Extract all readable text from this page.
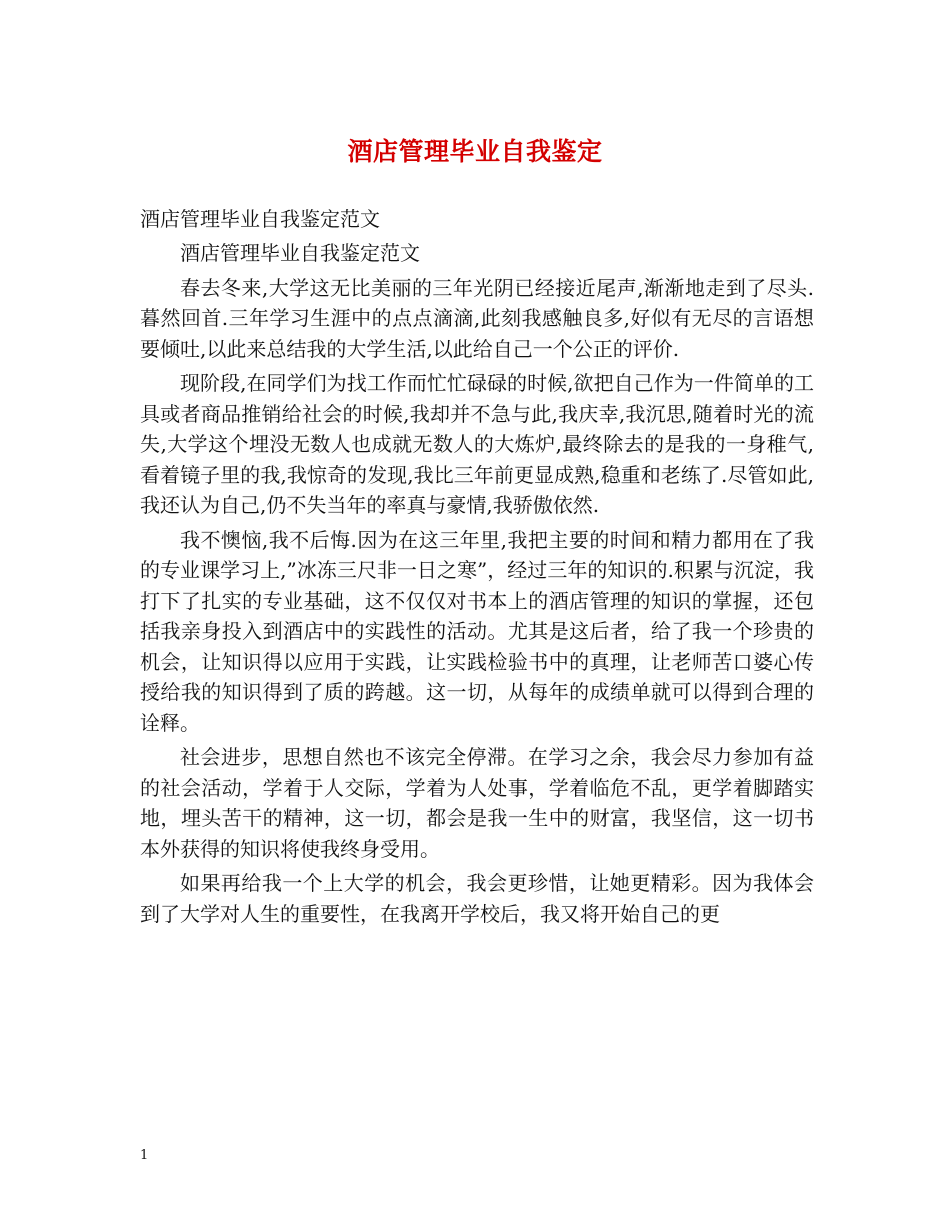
酒店管理毕业自我鉴定
酒店管理毕业自我鉴定范文

酒店管理毕业自我鉴定范文

春去冬来,大学这无比美丽的三年光阴已经接近尾声,渐渐地走到了尽头.暮然回首.三年学习生涯中的点点滴滴,此刻我感触良多,好似有无尽的言语想要倾吐,以此来总结我的大学生活,以此给自己一个公正的评价.

现阶段,在同学们为找工作而忙忙碌碌的时候,欲把自己作为一件简单的工具或者商品推销给社会的时候,我却并不急与此,我庆幸,我沉思,随着时光的流失,大学这个埋没无数人也成就无数人的大炼炉,最终除去的是我的一身稚气,看着镜子里的我,我惊奇的发现,我比三年前更显成熟,稳重和老练了.尽管如此,我还认为自己,仍不失当年的率真与豪情,我骄傲依然.

我不懊恼,我不后悔.因为在这三年里,我把主要的时间和精力都用在了我的专业课学习上,”冰冻三尺非一日之寒”，经过三年的知识的.积累与沉淀，我打下了扎实的专业基础，这不仅仅对书本上的酒店管理的知识的掌握，还包括我亲身投入到酒店中的实践性的活动。尤其是这后者，给了我一个珍贵的机会，让知识得以应用于实践，让实践检验书中的真理，让老师苦口婆心传授给我的知识得到了质的跨越。这一切，从每年的成绩单就可以得到合理的诠释。

社会进步，思想自然也不该完全停滞。在学习之余，我会尽力参加有益的社会活动，学着于人交际，学着为人处事，学着临危不乱，更学着脚踏实地，埋头苦干的精神，这一切，都会是我一生中的财富，我坚信，这一切书本外获得的知识将使我终身受用。

如果再给我一个上大学的机会，我会更珍惜，让她更精彩。因为我体会到了大学对人生的重要性，在我离开学校后，我又将开始自己的更

1
